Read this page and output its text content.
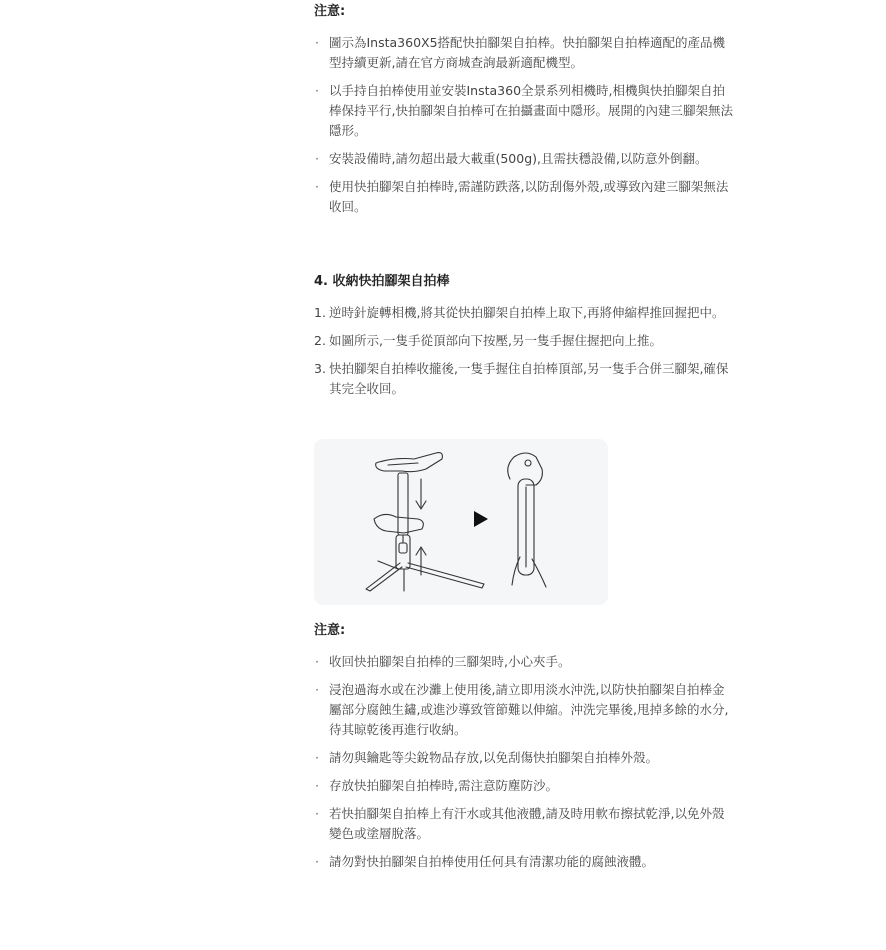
注意:

· 圖示為Insta360X5搭配快拍腳架自拍棒。快拍腳架自拍棒適配的產品機型持續更新,請在官方商城查詢最新適配機型。

· 以手持自拍棒使用並安裝Insta360全景系列相機時,相機與快拍腳架自拍棒保持平行,快拍腳架自拍棒可在拍攝畫面中隱形。展開的內建三腳架無法隱形。

· 安裝設備時,請勿超出最大載重(500g),且需扶穩設備,以防意外倒翻。

· 使用快拍腳架自拍棒時,需謹防跌落,以防刮傷外殼,或導致內建三腳架無法收回。

4. 收納快拍腳架自拍棒

1. 逆時針旋轉相機,將其從快拍腳架自拍棒上取下,再將伸縮桿推回握把中。

2. 如圖所示,一隻手從頂部向下按壓,另一隻手握住握把向上推。

3. 快拍腳架自拍棒收攏後,一隻手握住自拍棒頂部,另一隻手合併三腳架,確保其完全收回。

注意:

· 收回快拍腳架自拍棒的三腳架時,小心夾手。

· 浸泡過海水或在沙灘上使用後,請立即用淡水沖洗,以防快拍腳架自拍棒金屬部分腐蝕生鏽,或進沙導致管節難以伸縮。沖洗完畢後,甩掉多餘的水分,待其晾乾後再進行收納。

· 請勿與鑰匙等尖銳物品存放,以免刮傷快拍腳架自拍棒外殼。

· 存放快拍腳架自拍棒時,需注意防塵防沙。

· 若快拍腳架自拍棒上有汗水或其他液體,請及時用軟布擦拭乾淨,以免外殼變色或塗層脫落。

· 請勿對快拍腳架自拍棒使用任何具有清潔功能的腐蝕液體。
